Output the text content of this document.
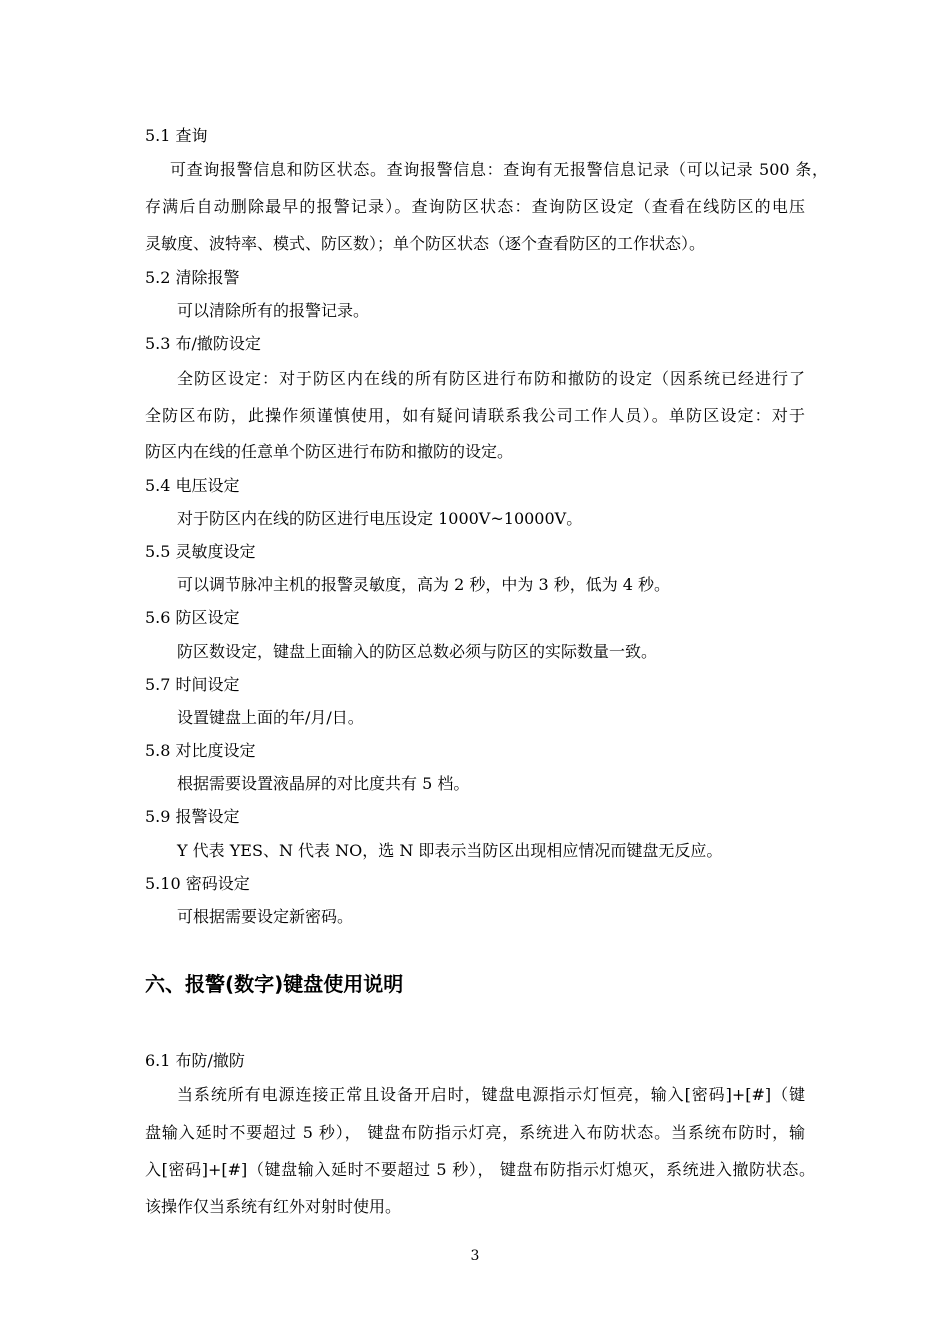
5.1 查询
可查询报警信息和防区状态。查询报警信息：查询有无报警信息记录（可以记录 500 条，
存满后自动删除最早的报警记录）。查询防区状态：查询防区设定（查看在线防区的电压
灵敏度、波特率、模式、防区数）；单个防区状态（逐个查看防区的工作状态）。
5.2 清除报警
可以清除所有的报警记录。
5.3 布/撤防设定
全防区设定：对于防区内在线的所有防区进行布防和撤防的设定（因系统已经进行了
全防区布防，此操作须谨慎使用，如有疑问请联系我公司工作人员）。单防区设定：对于
防区内在线的任意单个防区进行布防和撤防的设定。
5.4 电压设定
对于防区内在线的防区进行电压设定 1000V~10000V。
5.5 灵敏度设定
可以调节脉冲主机的报警灵敏度，高为 2 秒，中为 3 秒，低为 4 秒。
5.6 防区设定
防区数设定，键盘上面输入的防区总数必须与防区的实际数量一致。
5.7 时间设定
设置键盘上面的年/月/日。
5.8 对比度设定
根据需要设置液晶屏的对比度共有 5 档。
5.9 报警设定
Y 代表 YES、N 代表 NO，选 N 即表示当防区出现相应情况而键盘无反应。
5.10 密码设定
可根据需要设定新密码。
六、报警(数字)键盘使用说明
6.1 布防/撤防
当系统所有电源连接正常且设备开启时，键盘电源指示灯恒亮，输入[密码]+[#]（键
盘输入延时不要超过 5 秒）， 键盘布防指示灯亮，系统进入布防状态。当系统布防时，输
入[密码]+[#]（键盘输入延时不要超过 5 秒）， 键盘布防指示灯熄灭，系统进入撤防状态。
该操作仅当系统有红外对射时使用。
3
